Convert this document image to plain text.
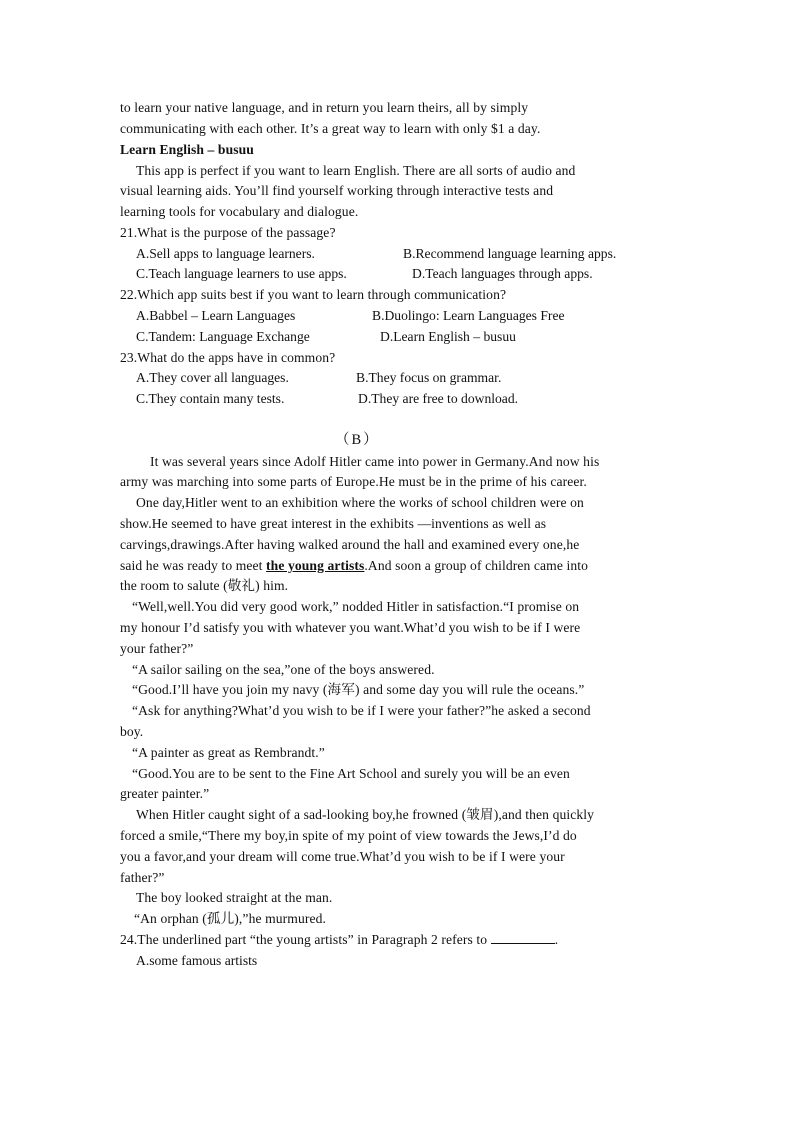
to learn your native language, and in return you learn theirs, all by simply
communicating with each other. It’s a great way to learn with only $1 a day.
Learn English – busuu
This app is perfect if you want to learn English. There are all sorts of audio and
visual learning aids. You’ll find yourself working through interactive tests and
learning tools for vocabulary and dialogue.
21.What is the purpose of the passage?
A.Sell apps to language learners.	B.Recommend language learning apps.
C.Teach language learners to use apps.	D.Teach languages through apps.
22.Which app suits best if you want to learn through communication?
A.Babbel – Learn Languages	B.Duolingo: Learn Languages Free
C.Tandem: Language Exchange	D.Learn English – busuu
23.What do the apps have in common?
A.They cover all languages.	B.They focus on grammar.
C.They contain many tests.	D.They are free to download.
（B）
It was several years since Adolf Hitler came into power in Germany.And now his
army was marching into some parts of Europe.He must be in the prime of his career.
One day,Hitler went to an exhibition where the works of school children were on
show.He seemed to have great interest in the exhibits —inventions as well as
carvings,drawings.After having walked around the hall and examined every one,he
said he was ready to meet the young artists.And soon a group of children came into
the room to salute (敬礼) him.
“Well,well.You did very good work,” nodded Hitler in satisfaction.“I promise on
my honour I’d satisfy you with whatever you want.What’d you wish to be if I were
your father?”
“A sailor sailing on the sea,”one of the boys answered.
“Good.I’ll have you join my navy (海军) and some day you will rule the oceans.”
“Ask for anything?What’d you wish to be if I were your father?”he asked a second
boy.
“A painter as great as Rembrandt.”
“Good.You are to be sent to the Fine Art School and surely you will be an even
greater painter.”
When Hitler caught sight of a sad-looking boy,he frowned (皱眉),and then quickly
forced a smile,“There my boy,in spite of my point of view towards the Jews,I’d do
you a favor,and your dream will come true.What’d you wish to be if I were your
father?”
The boy looked straight at the man.
“An orphan (孤儿),”he murmured.
24.The underlined part “the young artists” in Paragraph 2 refers to	.
A.some famous artists
